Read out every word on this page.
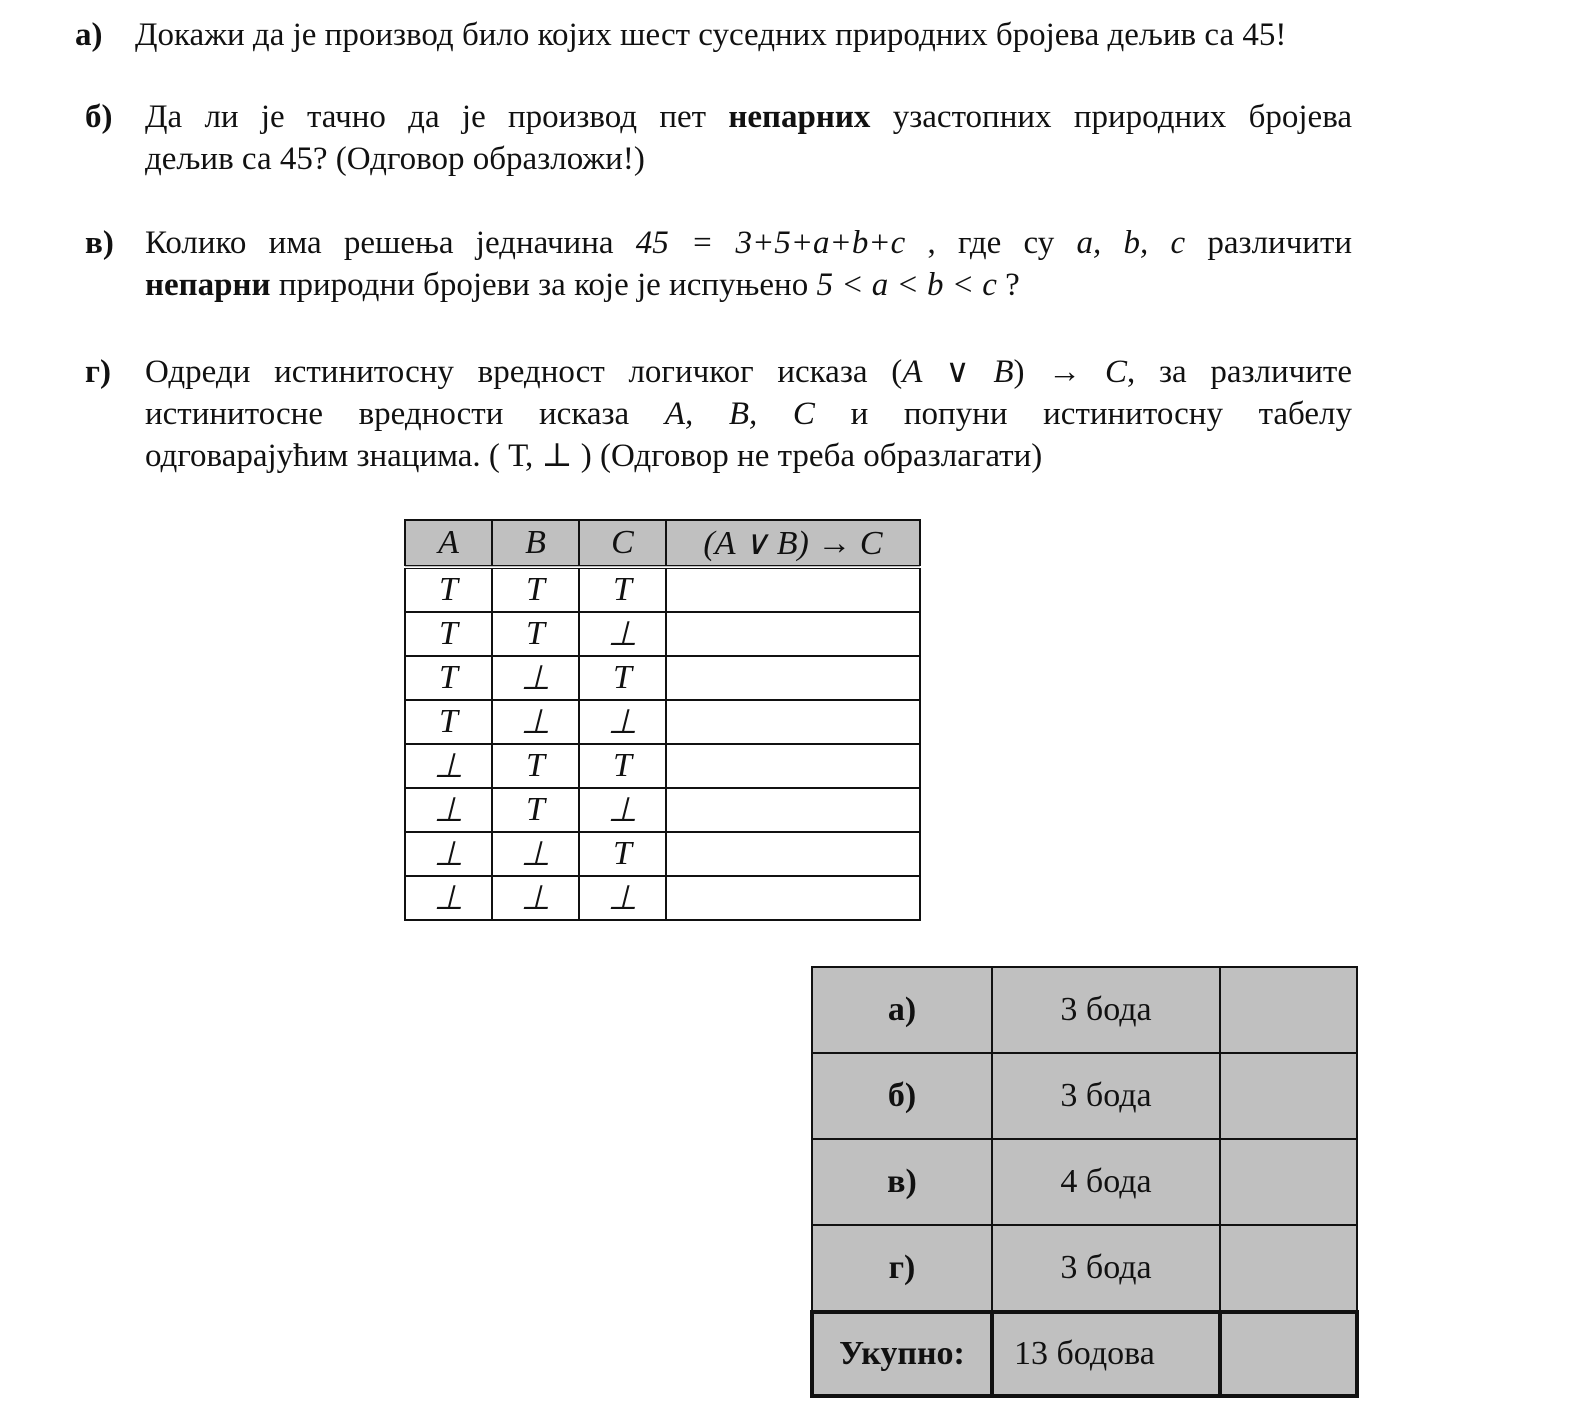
а) Докажи да је производ било којих шест суседних природних бројева дељив са 45!
б) Да ли је тачно да је производ пет непарних узастопних природних бројева
дељив са 45? (Одговор образложи!)
в) Колико има решења једначина 45 = 3+5+a+b+c , где су a, b, c различити
непарни природни бројеви за које је испуњено 5 < a < b < c ?
г) Одреди истинитосну вредност логичког исказа (A ∨ B) → C, за различите
истинитосне вредности исказа A, B, C и попуни истинитосну табелу
одговарајућим знацима. ( Т, ⊥ ) (Одговор не треба образлагати)
A	B	C	(A ∨ B) → C
T	T	T	
T	T	⊥	
T	⊥	T	
T	⊥	⊥	
⊥	T	T	
⊥	T	⊥	
⊥	⊥	T	
⊥	⊥	⊥	
а)	3 бода	
б)	3 бода	
в)	4 бода	
г)	3 бода	
Укупно:	13 бодова	
